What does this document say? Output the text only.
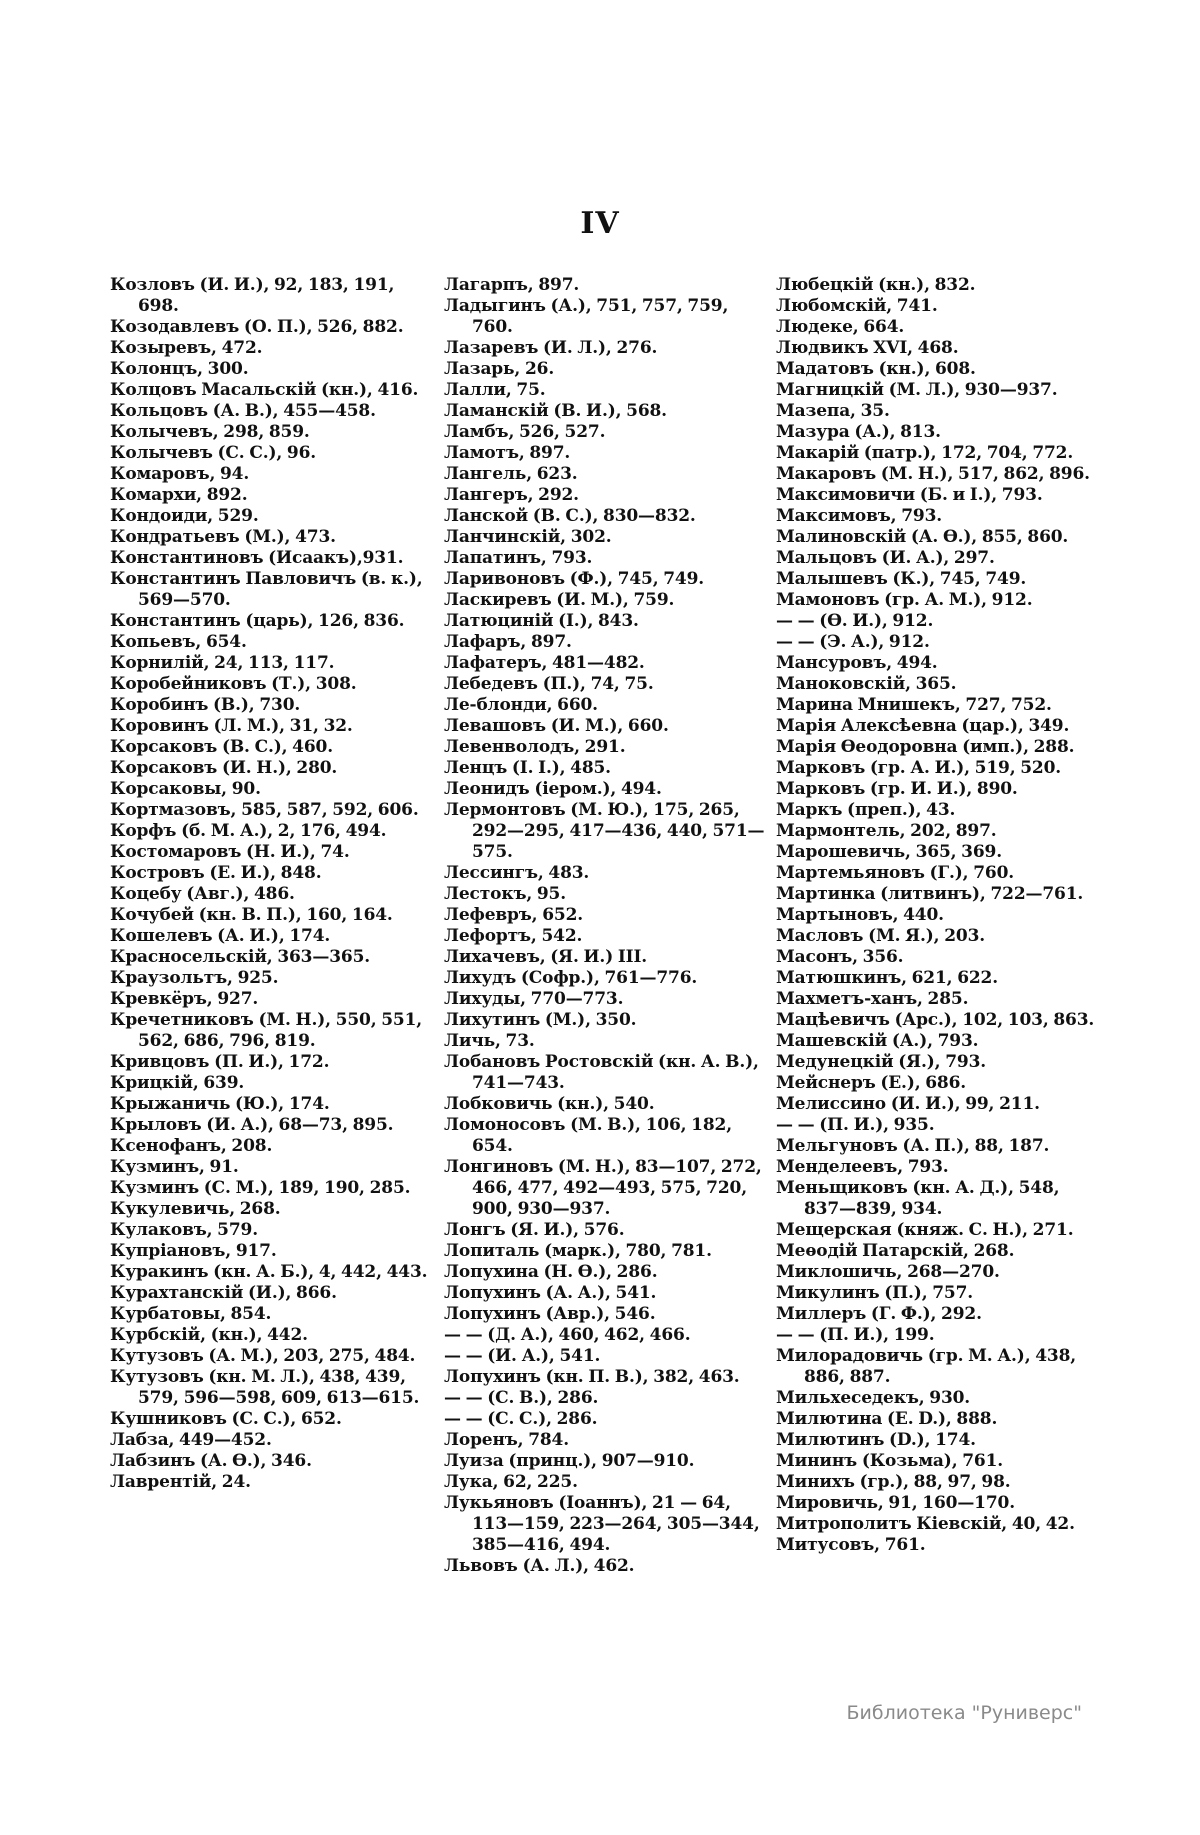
IV
Козловъ (И. И.), 92, 183, 191, 698.
Козодавлевъ (О. П.), 526, 882.
Козыревъ, 472.
Колонцъ, 300.
Колцовъ Масальскій (кн.), 416.
Кольцовъ (А. В.), 455—458.
Колычевъ, 298, 859.
Колычевъ (С. С.), 96.
Комаровъ, 94.
Комархи, 892.
Кондоиди, 529.
Кондратьевъ (М.), 473.
Константиновъ (Исаакъ),931.
Константинъ Павловичъ (в. к.), 569—570.
Константинъ (царь), 126, 836.
Копьевъ, 654.
Корнилій, 24, 113, 117.
Коробейниковъ (Т.), 308.
Коробинъ (В.), 730.
Коровинъ (Л. М.), 31, 32.
Корсаковъ (В. С.), 460.
Корсаковъ (И. Н.), 280.
Корсаковы, 90.
Кортмазовъ, 585, 587, 592, 606.
Корфъ (б. М. А.), 2, 176, 494.
Костомаровъ (Н. И.), 74.
Костровъ (Е. И.), 848.
Коцебу (Авг.), 486.
Кочубей (кн. В. П.), 160, 164.
Кошелевъ (А. И.), 174.
Красносельскій, 363—365.
Краузольтъ, 925.
Кревкёръ, 927.
Кречетниковъ (М. Н.), 550, 551, 562, 686, 796, 819.
Кривцовъ (П. И.), 172.
Крицкій, 639.
Крыжаничь (Ю.), 174.
Крыловъ (И. А.), 68—73, 895.
Ксенофанъ, 208.
Кузминъ, 91.
Кузминъ (С. М.), 189, 190, 285.
Кукулевичь, 268.
Кулаковъ, 579.
Купріановъ, 917.
Куракинъ (кн. А. Б.), 4, 442, 443.
Курахтанскій (И.), 866.
Курбатовы, 854.
Курбскій, (кн.), 442.
Кутузовъ (А. М.), 203, 275, 484.
Кутузовъ (кн. М. Л.), 438, 439, 579, 596—598, 609, 613—615.
Кушниковъ (С. С.), 652.
Лабза, 449—452.
Лабзинъ (А. Ѳ.), 346.
Лаврентій, 24.
Лагарпъ, 897.
Ладыгинъ (А.), 751, 757, 759, 760.
Лазаревъ (И. Л.), 276.
Лазарь, 26.
Лалли, 75.
Ламанскій (В. И.), 568.
Ламбъ, 526, 527.
Ламотъ, 897.
Лангель, 623.
Лангеръ, 292.
Ланской (В. С.), 830—832.
Ланчинскій, 302.
Лапатинъ, 793.
Ларивоновъ (Ф.), 745, 749.
Ласкиревъ (И. М.), 759.
Латюциній (І.), 843.
Лафаръ, 897.
Лафатеръ, 481—482.
Лебедевъ (П.), 74, 75.
Ле-блонди, 660.
Левашовъ (И. М.), 660.
Левенволодъ, 291.
Ленцъ (І. І.), 485.
Леонидъ (іером.), 494.
Лермонтовъ (М. Ю.), 175, 265, 292—295, 417—436, 440, 571—575.
Лессингъ, 483.
Лестокъ, 95.
Лефевръ, 652.
Лефортъ, 542.
Лихачевъ, (Я. И.) III.
Лихудъ (Софр.), 761—776.
Лихуды, 770—773.
Лихутинъ (М.), 350.
Личь, 73.
Лобановъ Ростовскій (кн. А. В.), 741—743.
Лобковичь (кн.), 540.
Ломоносовъ (М. В.), 106, 182, 654.
Лонгиновъ (М. Н.), 83—107, 272, 466, 477, 492—493, 575, 720, 900, 930—937.
Лонгъ (Я. И.), 576.
Лопиталь (марк.), 780, 781.
Лопухина (Н. Ѳ.), 286.
Лопухинъ (А. А.), 541.
Лопухинъ (Авр.), 546.
— — (Д. А.), 460, 462, 466.
— — (И. А.), 541.
Лопухинъ (кн. П. В.), 382, 463.
— — (С. В.), 286.
— — (С. С.), 286.
Лоренъ, 784.
Луиза (принц.), 907—910.
Лука, 62, 225.
Лукьяновъ (Іоаннъ), 21 — 64, 113—159, 223—264, 305—344, 385—416, 494.
Львовъ (А. Л.), 462.
Любецкій (кн.), 832.
Любомскій, 741.
Людеке, 664.
Людвикъ XVI, 468.
Мадатовъ (кн.), 608.
Магницкій (М. Л.), 930—937.
Мазепа, 35.
Мазура (А.), 813.
Макарій (патр.), 172, 704, 772.
Макаровъ (М. Н.), 517, 862, 896.
Максимовичи (Б. и І.), 793.
Максимовъ, 793.
Малиновскій (А. Ѳ.), 855, 860.
Мальцовъ (И. А.), 297.
Малышевъ (К.), 745, 749.
Мамоновъ (гр. А. М.), 912.
— — (Ѳ. И.), 912.
— — (Э. А.), 912.
Мансуровъ, 494.
Маноковскій, 365.
Марина Мнишекъ, 727, 752.
Марія Алексѣевна (цар.), 349.
Марія Ѳеодоровна (имп.), 288.
Марковъ (гр. А. И.), 519, 520.
Марковъ (гр. И. И.), 890.
Маркъ (преп.), 43.
Мармонтель, 202, 897.
Марошевичь, 365, 369.
Мартемьяновъ (Г.), 760.
Мартинка (литвинъ), 722—761.
Мартыновъ, 440.
Масловъ (М. Я.), 203.
Масонъ, 356.
Матюшкинъ, 621, 622.
Махметъ-ханъ, 285.
Мацѣевичъ (Арс.), 102, 103, 863.
Машевскій (А.), 793.
Медунецкій (Я.), 793.
Мейснеръ (Е.), 686.
Мелиссино (И. И.), 99, 211.
— — (П. И.), 935.
Мельгуновъ (А. П.), 88, 187.
Менделеевъ, 793.
Меньщиковъ (кн. А. Д.), 548, 837—839, 934.
Мещерская (княж. С. Н.), 271.
Меѳодій Патарскій, 268.
Миклошичь, 268—270.
Микулинъ (П.), 757.
Миллеръ (Г. Ф.), 292.
— — (П. И.), 199.
Милорадовичь (гр. М. А.), 438, 886, 887.
Мильхеседекъ, 930.
Милютина (Е. D.), 888.
Милютинъ (D.), 174.
Мининъ (Козьма), 761.
Минихъ (гр.), 88, 97, 98.
Мировичь, 91, 160—170.
Митрополитъ Кіевскій, 40, 42.
Митусовъ, 761.
Библиотека "Руниверс"
